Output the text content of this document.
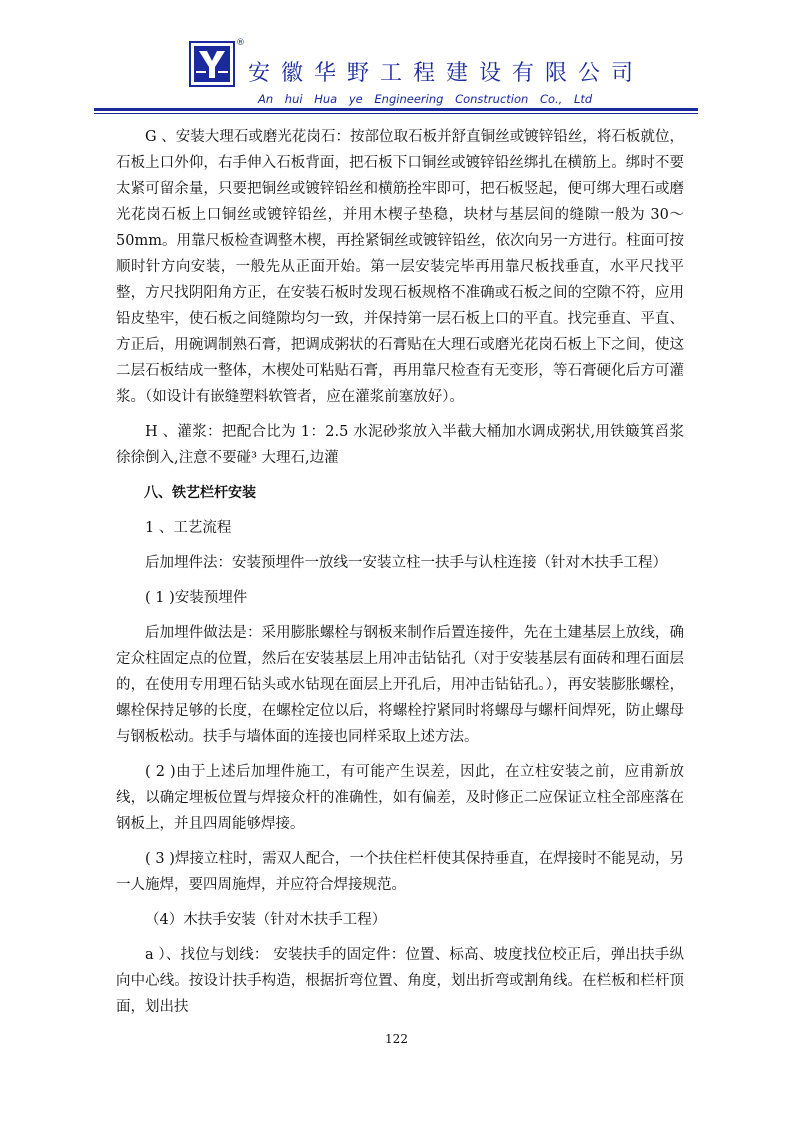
®
安徽华野工程建设有限公司
An hui Hua ye Engineering Construction Co., Ltd

G 、安装大理石或磨光花岗石：按部位取石板并舒直铜丝或镀锌铅丝，将石板就位，石板上口外仰，右手伸入石板背面，把石板下口铜丝或镀锌铅丝绑扎在横筋上。绑时不要太紧可留余量，只要把铜丝或镀锌铅丝和横筋拴牢即可，把石板竖起，便可绑大理石或磨光花岗石板上口铜丝或镀锌铅丝，并用木楔子垫稳，块材与基层间的缝隙一般为 30～50mm。用靠尺板检查调整木楔，再拴紧铜丝或镀锌铅丝，依次向另一方进行。柱面可按顺时针方向安装，一般先从正面开始。第一层安装完毕再用靠尺板找垂直，水平尺找平整，方尺找阴阳角方正，在安装石板时发现石板规格不准确或石板之间的空隙不符，应用铅皮垫牢，使石板之间缝隙均匀一致，并保持第一层石板上口的平直。找完垂直、平直、方正后，用碗调制熟石膏，把调成粥状的石膏贴在大理石或磨光花岗石板上下之间，使这二层石板结成一整体，木楔处可粘贴石膏，再用靠尺检查有无变形，等石膏硬化后方可灌浆。（如设计有嵌缝塑料软管者，应在灌浆前塞放好）。

H 、灌浆：把配合比为 1：2.5 水泥砂浆放入半截大桶加水调成粥状,用铁簸箕舀浆徐徐倒入,注意不要碰³ 大理石,边灌

八、铁艺栏杆安装

1 、工艺流程

后加埋件法：安装预埋件一放线一安装立柱一扶手与认柱连接（针对木扶手工程）

( 1 )安装预埋件

后加埋件做法是：采用膨胀螺栓与钢板来制作后置连接件，先在土建基层上放线，确定众柱固定点的位置，然后在安装基层上用冲击钻钻孔（对于安装基层有面砖和理石面层的，在使用专用理石钻头或水钻现在面层上开孔后，用冲击钻钻孔。），再安装膨胀螺栓，螺栓保持足够的长度，在螺栓定位以后，将螺栓拧紧同时将螺母与螺杆间焊死，防止螺母与钢板松动。扶手与墙体面的连接也同样采取上述方法。

( 2 )由于上述后加埋件施工，有可能产生误差，因此，在立柱安装之前，应甫新放线，以确定埋板位置与焊接众杆的准确性，如有偏差，及时修正二应保证立柱全部座落在钢板上，并且四周能够焊接。

( 3 )焊接立柱时，需双人配合，一个扶住栏杆使其保持垂直，在焊接时不能晃动，另一人施焊，要四周施焊，并应符合焊接规范。

（4）木扶手安装（针对木扶手工程）

a ）、找位与划线： 安装扶手的固定件：位置、标高、坡度找位校正后，弹出扶手纵向中心线。按设计扶手构造，根据折弯位置、角度，划出折弯或割角线。在栏板和栏杆顶面，划出扶

122
